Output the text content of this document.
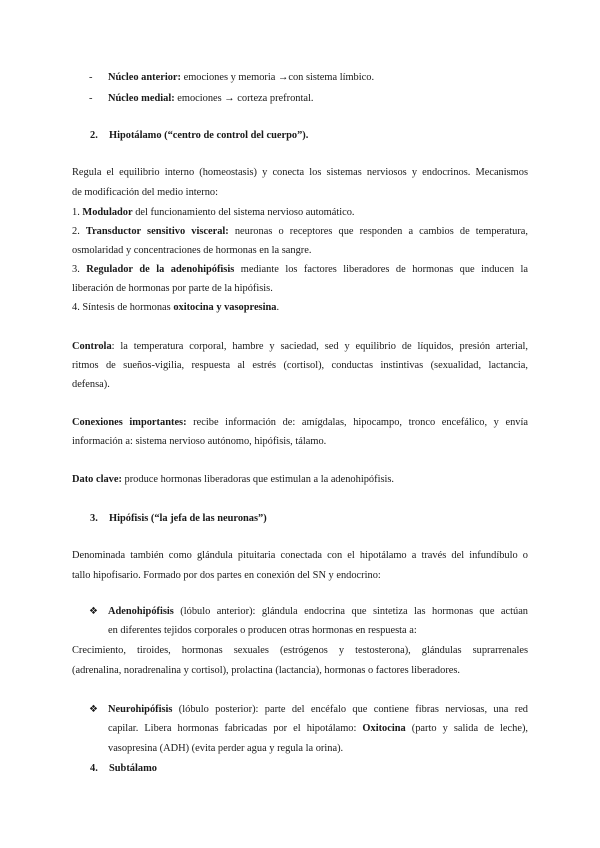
- Núcleo anterior: emociones y memoria →con sistema límbico.
- Núcleo medial: emociones → corteza prefrontal.
2. Hipotálamo (“centro de control del cuerpo”).
Regula el equilibrio interno (homeostasis) y conecta los sistemas nerviosos y endocrinos. Mecanismos
de modificación del medio interno:
1. Modulador del funcionamiento del sistema nervioso automático.
2. Transductor sensitivo visceral: neuronas o receptores que responden a cambios de temperatura,
osmolaridad y concentraciones de hormonas en la sangre.
3. Regulador de la adenohipófisis mediante los factores liberadores de hormonas que inducen la
liberación de hormonas por parte de la hipófisis.
4. Síntesis de hormonas oxitocina y vasopresina.
Controla: la temperatura corporal, hambre y saciedad, sed y equilibrio de líquidos, presión arterial,
ritmos de sueños-vigilia, respuesta al estrés (cortisol), conductas instintivas (sexualidad, lactancia,
defensa).
Conexiones importantes: recibe información de: amígdalas, hipocampo, tronco encefálico, y envía
información a: sistema nervioso autónomo, hipófisis, tálamo.
Dato clave: produce hormonas liberadoras que estimulan a la adenohipófisis.
3. Hipófisis (“la jefa de las neuronas”)
Denominada también como glándula pituitaria conectada con el hipotálamo a través del infundíbulo o
tallo hipofisario. Formado por dos partes en conexión del SN y endocrino:
❖ Adenohipófisis (lóbulo anterior): glándula endocrina que sintetiza las hormonas que actúan
en diferentes tejidos corporales o producen otras hormonas en respuesta a:
Crecimiento, tiroides, hormonas sexuales (estrógenos y testosterona), glándulas suprarrenales
(adrenalina, noradrenalina y cortisol), prolactina (lactancia), hormonas o factores liberadores.
❖ Neurohipófisis (lóbulo posterior): parte del encéfalo que contiene fibras nerviosas, una red
capilar. Libera hormonas fabricadas por el hipotálamo: Oxitocina (parto y salida de leche),
vasopresina (ADH) (evita perder agua y regula la orina).
4. Subtálamo
